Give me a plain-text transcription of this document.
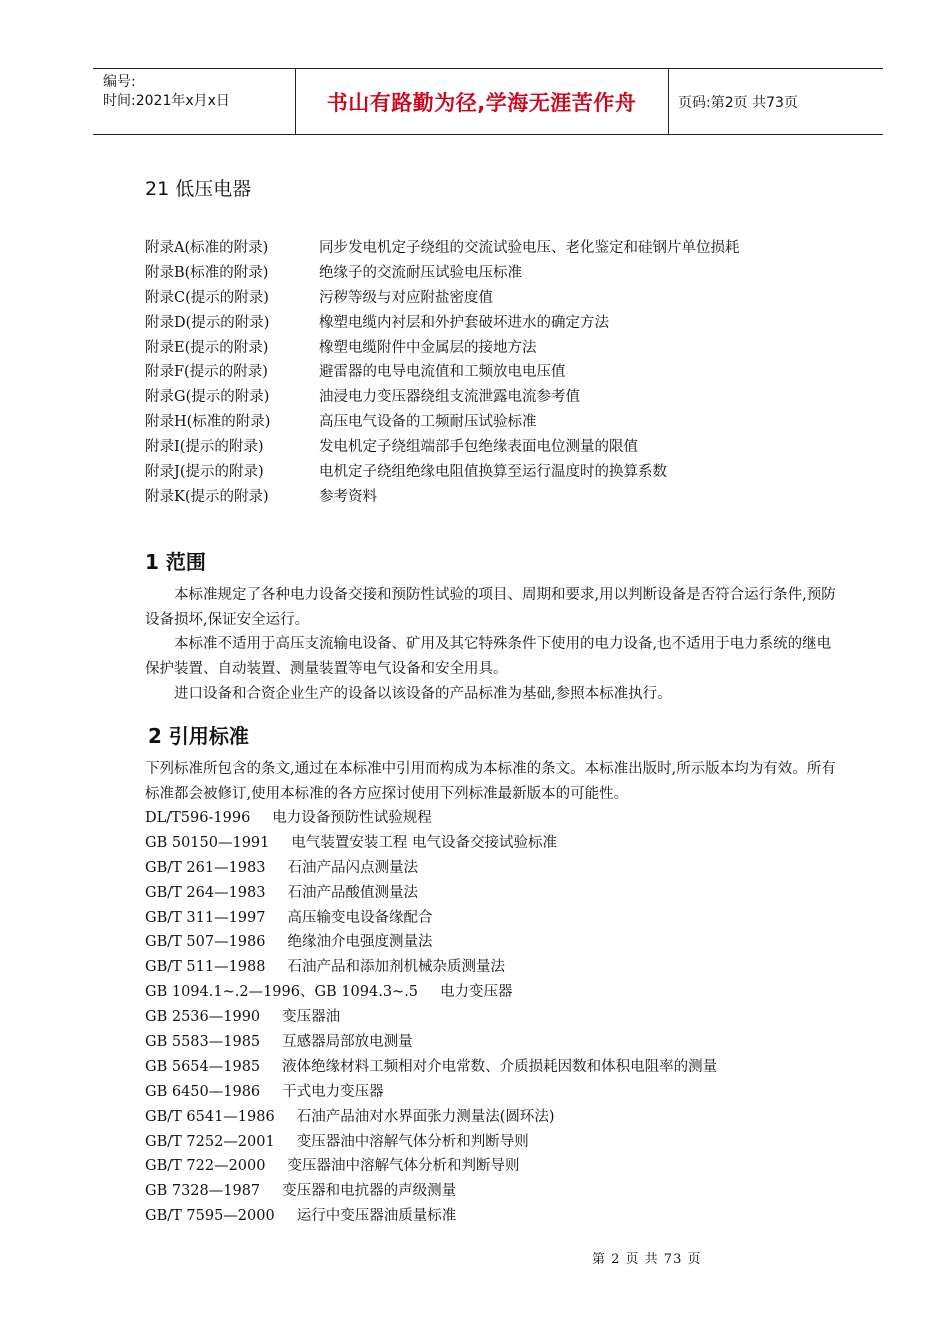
编号:
时间:2021年x月x日	书山有路勤为径,学海无涯苦作舟	页码:第2页 共73页
21 低压电器
附录A(标准的附录)	同步发电机定子绕组的交流试验电压、老化鉴定和硅钢片单位损耗
附录B(标准的附录)	绝缘子的交流耐压试验电压标准
附录C(提示的附录)	污秽等级与对应附盐密度值
附录D(提示的附录)	橡塑电缆内衬层和外护套破坏进水的确定方法
附录E(提示的附录)	橡塑电缆附件中金属层的接地方法
附录F(提示的附录)	避雷器的电导电流值和工频放电电压值
附录G(提示的附录)	油浸电力变压器绕组支流泄露电流参考值
附录H(标准的附录)	高压电气设备的工频耐压试验标准
附录I(提示的附录)	发电机定子绕组端部手包绝缘表面电位测量的限值
附录J(提示的附录)	电机定子绕组绝缘电阻值换算至运行温度时的换算系数
附录K(提示的附录)	参考资料
1 范围
本标准规定了各种电力设备交接和预防性试验的项目、周期和要求,用以判断设备是否符合运行条件,预防设备损坏,保证安全运行。
本标准不适用于高压支流输电设备、矿用及其它特殊条件下使用的电力设备,也不适用于电力系统的继电保护装置、自动装置、测量装置等电气设备和安全用具。
进口设备和合资企业生产的设备以该设备的产品标准为基础,参照本标准执行。
2 引用标准
下列标准所包含的条文,通过在本标准中引用而构成为本标准的条文。本标准出版时,所示版本均为有效。所有标准都会被修订,使用本标准的各方应探讨使用下列标准最新版本的可能性。
DL/T596-1996 电力设备预防性试验规程
GB 50150—1991 电气装置安装工程 电气设备交接试验标准
GB/T 261—1983 石油产品闪点测量法
GB/T 264—1983 石油产品酸值测量法
GB/T 311—1997 高压输变电设备缘配合
GB/T 507—1986 绝缘油介电强度测量法
GB/T 511—1988 石油产品和添加剂机械杂质测量法
GB 1094.1~.2—1996、GB 1094.3~.5 电力变压器
GB 2536—1990 变压器油
GB 5583—1985 互感器局部放电测量
GB 5654—1985 液体绝缘材料工频相对介电常数、介质损耗因数和体积电阻率的测量
GB 6450—1986 干式电力变压器
GB/T 6541—1986 石油产品油对水界面张力测量法(圆环法)
GB/T 7252—2001 变压器油中溶解气体分析和判断导则
GB/T 722—2000 变压器油中溶解气体分析和判断导则
GB 7328—1987 变压器和电抗器的声级测量
GB/T 7595—2000 运行中变压器油质量标准
第 2 页 共 73 页
